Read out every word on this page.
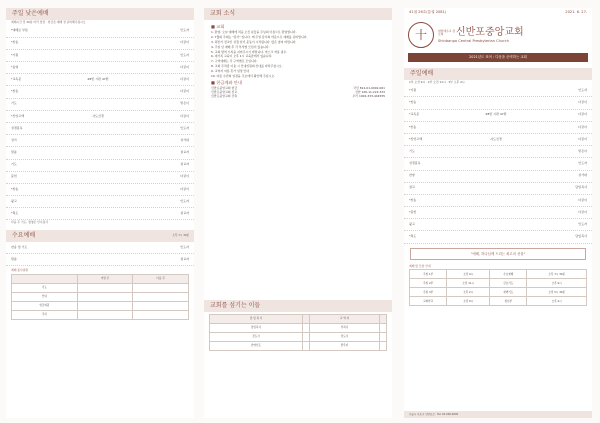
주일 낮은예배
예배시간 전 30분 미리 입장 · 헌금은 예배 전 준비해주십시오
*예배로 부름	인도자
*찬송	다같이
*기원	인도자
*송영	다같이
*교독문	28번 시편 47편	다같이
*찬송	다같이
기도	맡은이
*신앙고백	사도신경	다같이
성경봉독	인도자
성가	성가대
말씀	설교자
기도	설교자
봉헌	다같이
*찬송	다같이
광고	인도자
*축도	설교자
다음 주 기도: 정영은 안수집사
수요예배	오후 7시 30분
찬송 및 기도	인도자
말씀	설교자
예배 봉사위원
	이번 주	다음 주
기도		
안내		
헌금위원		
주차		
교회 소식
■ 교회

1. 환영: 오늘 예배에 처음 오신 분들을 주님의 이름으로 환영합니다.

2. 7월의 주제는 "감사" 입니다. 매 주일 감사의 마음으로 예배를 준비합니다.

3. 하반기 전교인 성경 읽기 운동이 시작됩니다. 많은 참여 바랍니다.

4. 주일 낮 예배 후 각 부서별 모임이 있습니다.

5. 교회 방역 수칙을 지켜주시기 바랍니다. 마스크 착용 필수.

6. 새가족 교육이 오후 1시 교육관에서 있습니다.

7. 구역예배는 각 구역별로 모입니다.

8. 교회 주차장 이용 시 안내위원의 안내를 따라주십시오.

9. 교역자 여름 휴가 일정 안내

10. 여름 수련회 일정을 주보에서 확인해 주십시오.

■ 헌금계좌 안내
신반포중앙교회 헌금	국민 812-01-0002-001
신반포중앙교회 선교	신한 100-11-222-333
신반포중앙교회 건축	우리 1002-333-444555
교회를 섬기는 이들
담 임 목 사		교 역 자	
담임목사		부목사	
전도사		전도사	
찬양인도		반주자	
41권 26호(통권 2081)	2021. 6. 27.
十	대한예수교 장로회	신반포중앙교회
Shinbanpo Central Presbyterian Church
2021년도 표어 : 다음을 준비하는 교회
주일예배
1부 오전 9시 · 2부 오전 11시 · 3부 오후 2시
*기원	인도자
*찬송	다같이
*교독문	28번 시편 47편	다같이
*찬송	다같이
*신앙고백	사도신경	다같이
기도	맡은이
성경봉독	인도자
찬양	성가대
설교	담임목사
*찬송	다같이
*봉헌	다같이
광고	인도자
*축도	담임목사
"예배, 하나님께 드리는 최고의 선물"
예배 및 모임 안내
주일 1부	오전 9시	수요예배	오후 7시 30분
주일 2부	오전 11시	금요기도	오후 9시
주일 3부	오후 2시	새벽기도	오전 5시 30분
교회학교	오전 9시	청년부	오후 2시
서울시 서초구 신반포로 · Tel. 02-000-0000
